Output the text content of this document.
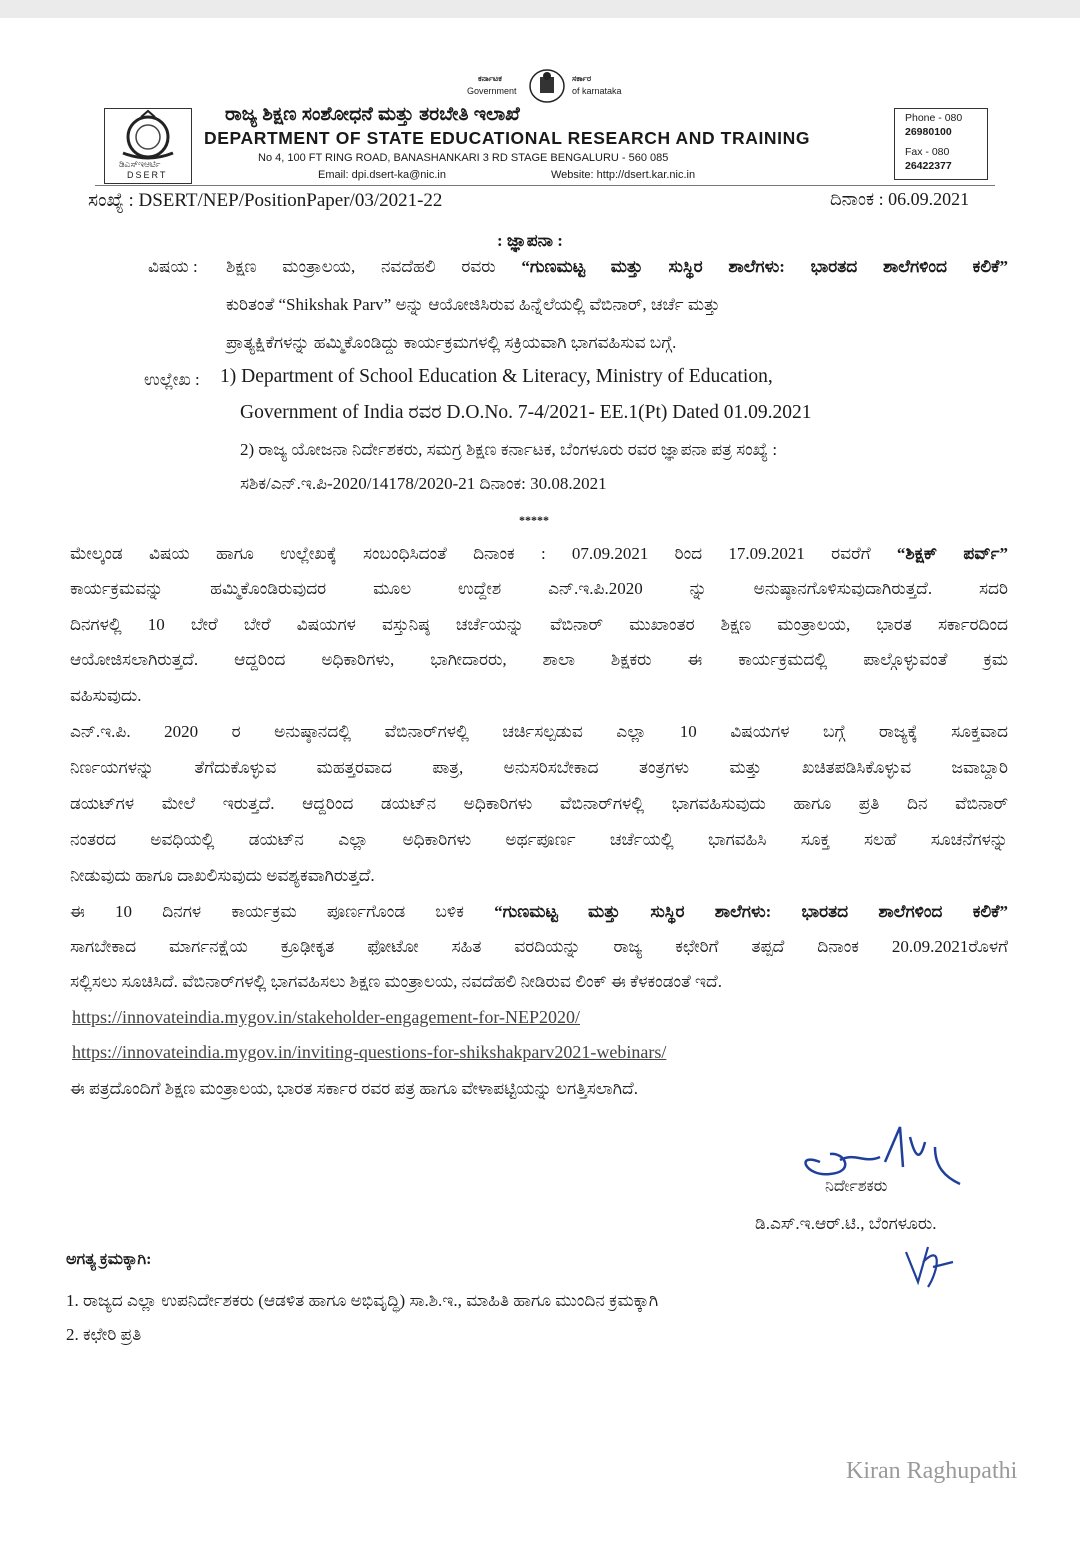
ಕರ್ನಾಟಕ
Government
ಸರ್ಕಾರ
of karnataka
ಡಿಎಸ್ಇಆರ್ಟಿ
DSERT
ರಾಜ್ಯ ಶಿಕ್ಷಣ ಸಂಶೋಧನೆ ಮತ್ತು ತರಬೇತಿ ಇಲಾಖೆ
DEPARTMENT OF STATE EDUCATIONAL RESEARCH AND TRAINING
No 4, 100 FT RING ROAD, BANASHANKARI 3 RD STAGE BENGALURU - 560 085
Email: dpi.dsert-ka@nic.in	Website: http://dsert.kar.nic.in
Phone - 080
26980100
Fax - 080
26422377
ಸಂಖ್ಯೆ : DSERT/NEP/PositionPaper/03/2021-22	ದಿನಾಂಕ : 06.09.2021
: ಜ್ಞಾಪನಾ :
ವಿಷಯ : ಶಿಕ್ಷಣ ಮಂತ್ರಾಲಯ, ನವದೆಹಲಿ ರವರು “ಗುಣಮಟ್ಟ ಮತ್ತು ಸುಸ್ಥಿರ ಶಾಲೆಗಳು: ಭಾರತದ ಶಾಲೆಗಳಿಂದ ಕಲಿಕೆ”
ಕುರಿತಂತೆ “Shikshak Parv” ಅನ್ನು ಆಯೋಜಿಸಿರುವ ಹಿನ್ನೆಲೆಯಲ್ಲಿ ವೆಬಿನಾರ್, ಚರ್ಚೆ ಮತ್ತು
ಪ್ರಾತ್ಯಕ್ಷಿಕೆಗಳನ್ನು ಹಮ್ಮಿಕೊಂಡಿದ್ದು ಕಾರ್ಯಕ್ರಮಗಳಲ್ಲಿ ಸಕ್ರಿಯವಾಗಿ ಭಾಗವಹಿಸುವ ಬಗ್ಗೆ.
ಉಲ್ಲೇಖ : 1) Department of School Education & Literacy, Ministry of Education,
Government of India ರವರ D.O.No. 7-4/2021- EE.1(Pt) Dated 01.09.2021
2) ರಾಜ್ಯ ಯೋಜನಾ ನಿರ್ದೇಶಕರು, ಸಮಗ್ರ ಶಿಕ್ಷಣ ಕರ್ನಾಟಕ, ಬೆಂಗಳೂರು ರವರ ಜ್ಞಾಪನಾ ಪತ್ರ ಸಂಖ್ಯೆ :
ಸಶಿಕ/ಎನ್.ಇ.ಪಿ-2020/14178/2020-21 ದಿನಾಂಕ: 30.08.2021
*****
ಮೇಲ್ಕಂಡ ವಿಷಯ ಹಾಗೂ ಉಲ್ಲೇಖಕ್ಕೆ ಸಂಬಂಧಿಸಿದಂತೆ ದಿನಾಂಕ : 07.09.2021 ರಿಂದ 17.09.2021 ರವರೆಗೆ “ಶಿಕ್ಷಕ್ ಪರ್ವ್”
ಕಾರ್ಯಕ್ರಮವನ್ನು ಹಮ್ಮಿಕೊಂಡಿರುವುದರ ಮೂಲ ಉದ್ದೇಶ ಎನ್.ಇ.ಪಿ.2020 ನ್ನು ಅನುಷ್ಠಾನಗೊಳಿಸುವುದಾಗಿರುತ್ತದೆ. ಸದರಿ
ದಿನಗಳಲ್ಲಿ 10 ಬೇರೆ ಬೇರೆ ವಿಷಯಗಳ ವಸ್ತುನಿಷ್ಠ ಚರ್ಚೆಯನ್ನು ವೆಬಿನಾರ್ ಮುಖಾಂತರ ಶಿಕ್ಷಣ ಮಂತ್ರಾಲಯ, ಭಾರತ ಸರ್ಕಾರದಿಂದ
ಆಯೋಜಿಸಲಾಗಿರುತ್ತದೆ. ಆದ್ದರಿಂದ ಅಧಿಕಾರಿಗಳು, ಭಾಗೀದಾರರು, ಶಾಲಾ ಶಿಕ್ಷಕರು ಈ ಕಾರ್ಯಕ್ರಮದಲ್ಲಿ ಪಾಲ್ಗೊಳ್ಳುವಂತೆ ಕ್ರಮ
ವಹಿಸುವುದು.
ಎನ್.ಇ.ಪಿ. 2020 ರ ಅನುಷ್ಠಾನದಲ್ಲಿ ವೆಬಿನಾರ್‌ಗಳಲ್ಲಿ ಚರ್ಚಿಸಲ್ಪಡುವ ಎಲ್ಲಾ 10 ವಿಷಯಗಳ ಬಗ್ಗೆ ರಾಜ್ಯಕ್ಕೆ ಸೂಕ್ತವಾದ
ನಿರ್ಣಯಗಳನ್ನು ತೆಗೆದುಕೊಳ್ಳುವ ಮಹತ್ತರವಾದ ಪಾತ್ರ, ಅನುಸರಿಸಬೇಕಾದ ತಂತ್ರಗಳು ಮತ್ತು ಖಚಿತಪಡಿಸಿಕೊಳ್ಳುವ ಜವಾಬ್ದಾರಿ
ಡಯಟ್‌ಗಳ ಮೇಲೆ ಇರುತ್ತದೆ. ಆದ್ದರಿಂದ ಡಯಟ್‌ನ ಅಧಿಕಾರಿಗಳು ವೆಬಿನಾರ್‌ಗಳಲ್ಲಿ ಭಾಗವಹಿಸುವುದು ಹಾಗೂ ಪ್ರತಿ ದಿನ ವೆಬಿನಾರ್
ನಂತರದ ಅವಧಿಯಲ್ಲಿ ಡಯಟ್‌ನ ಎಲ್ಲಾ ಅಧಿಕಾರಿಗಳು ಅರ್ಥಪೂರ್ಣ ಚರ್ಚೆಯಲ್ಲಿ ಭಾಗವಹಿಸಿ ಸೂಕ್ತ ಸಲಹೆ ಸೂಚನೆಗಳನ್ನು
ನೀಡುವುದು ಹಾಗೂ ದಾಖಲಿಸುವುದು ಅವಶ್ಯಕವಾಗಿರುತ್ತದೆ.
ಈ 10 ದಿನಗಳ ಕಾರ್ಯಕ್ರಮ ಪೂರ್ಣಗೊಂಡ ಬಳಿಕ “ಗುಣಮಟ್ಟ ಮತ್ತು ಸುಸ್ಥಿರ ಶಾಲೆಗಳು: ಭಾರತದ ಶಾಲೆಗಳಿಂದ ಕಲಿಕೆ”
ಸಾಗಬೇಕಾದ ಮಾರ್ಗನಕ್ಷೆಯ ಕ್ರೂಢೀಕೃತ ಫೋಟೋ ಸಹಿತ ವರದಿಯನ್ನು ರಾಜ್ಯ ಕಛೇರಿಗೆ ತಪ್ಪದೆ ದಿನಾಂಕ 20.09.2021ರೊಳಗೆ
ಸಲ್ಲಿಸಲು ಸೂಚಿಸಿದೆ. ವೆಬಿನಾರ್‌ಗಳಲ್ಲಿ ಭಾಗವಹಿಸಲು ಶಿಕ್ಷಣ ಮಂತ್ರಾಲಯ, ನವದೆಹಲಿ ನೀಡಿರುವ ಲಿಂಕ್ ಈ ಕೆಳಕಂಡಂತೆ ಇದೆ.
https://innovateindia.mygov.in/stakeholder-engagement-for-NEP2020/
https://innovateindia.mygov.in/inviting-questions-for-shikshakparv2021-webinars/
ಈ ಪತ್ರದೊಂದಿಗೆ ಶಿಕ್ಷಣ ಮಂತ್ರಾಲಯ, ಭಾರತ ಸರ್ಕಾರ ರವರ ಪತ್ರ ಹಾಗೂ ವೇಳಾಪಟ್ಟಿಯನ್ನು ಲಗತ್ತಿಸಲಾಗಿದೆ.
ನಿರ್ದೇಶಕರು
ಡಿ.ಎಸ್.ಇ.ಆರ್.ಟಿ., ಬೆಂಗಳೂರು.
ಅಗತ್ಯ ಕ್ರಮಕ್ಕಾಗಿ:
1. ರಾಜ್ಯದ ಎಲ್ಲಾ ಉಪನಿರ್ದೇಶಕರು (ಆಡಳಿತ ಹಾಗೂ ಅಭಿವೃದ್ಧಿ) ಸಾ.ಶಿ.ಇ., ಮಾಹಿತಿ ಹಾಗೂ ಮುಂದಿನ ಕ್ರಮಕ್ಕಾಗಿ
2. ಕಛೇರಿ ಪ್ರತಿ
Kiran Raghupathi
